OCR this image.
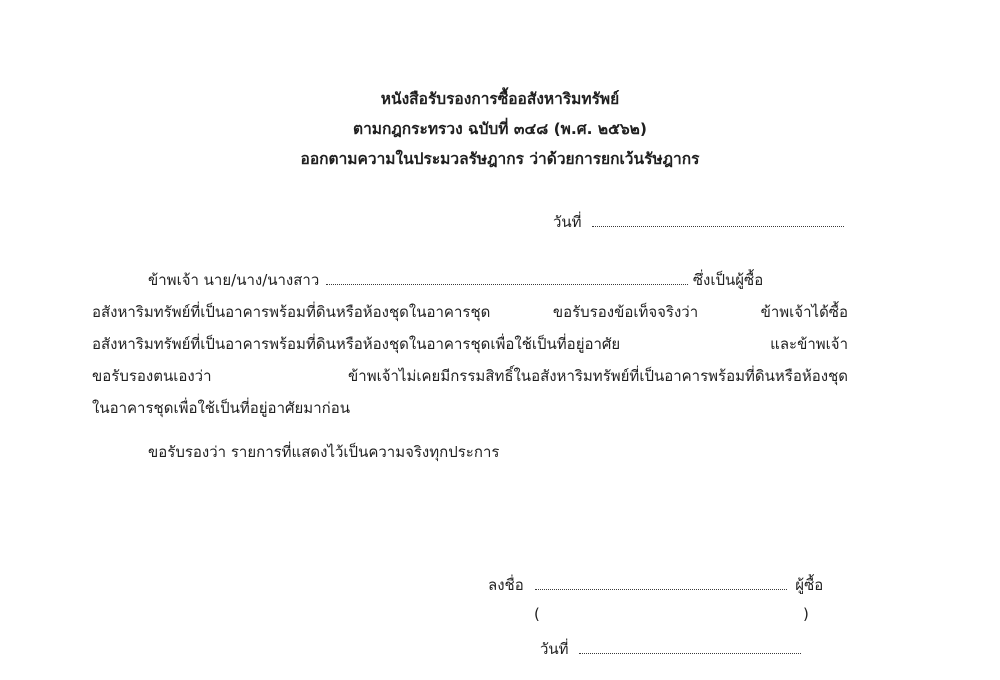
หนังสือรับรองการซื้ออสังหาริมทรัพย์
ตามกฎกระทรวง ฉบับที่ ๓๔๘ (พ.ศ. ๒๕๖๒)
ออกตามความในประมวลรัษฎากร ว่าด้วยการยกเว้นรัษฎากร
วันที่
ข้าพเจ้า นาย/นาง/นางสาว	ซึ่งเป็นผู้ซื้อ
อสังหาริมทรัพย์ที่เป็นอาคารพร้อมที่ดินหรือห้องชุดในอาคารชุด ขอรับรองข้อเท็จจริงว่า ข้าพเจ้าได้ซื้อ
อสังหาริมทรัพย์ที่เป็นอาคารพร้อมที่ดินหรือห้องชุดในอาคารชุดเพื่อใช้เป็นที่อยู่อาศัย และข้าพเจ้า
ขอรับรองตนเองว่า ข้าพเจ้าไม่เคยมีกรรมสิทธิ์ในอสังหาริมทรัพย์ที่เป็นอาคารพร้อมที่ดินหรือห้องชุด
ในอาคารชุดเพื่อใช้เป็นที่อยู่อาศัยมาก่อน
ขอรับรองว่า รายการที่แสดงไว้เป็นความจริงทุกประการ
ลงชื่อ	ผู้ซื้อ
(	)
วันที่
